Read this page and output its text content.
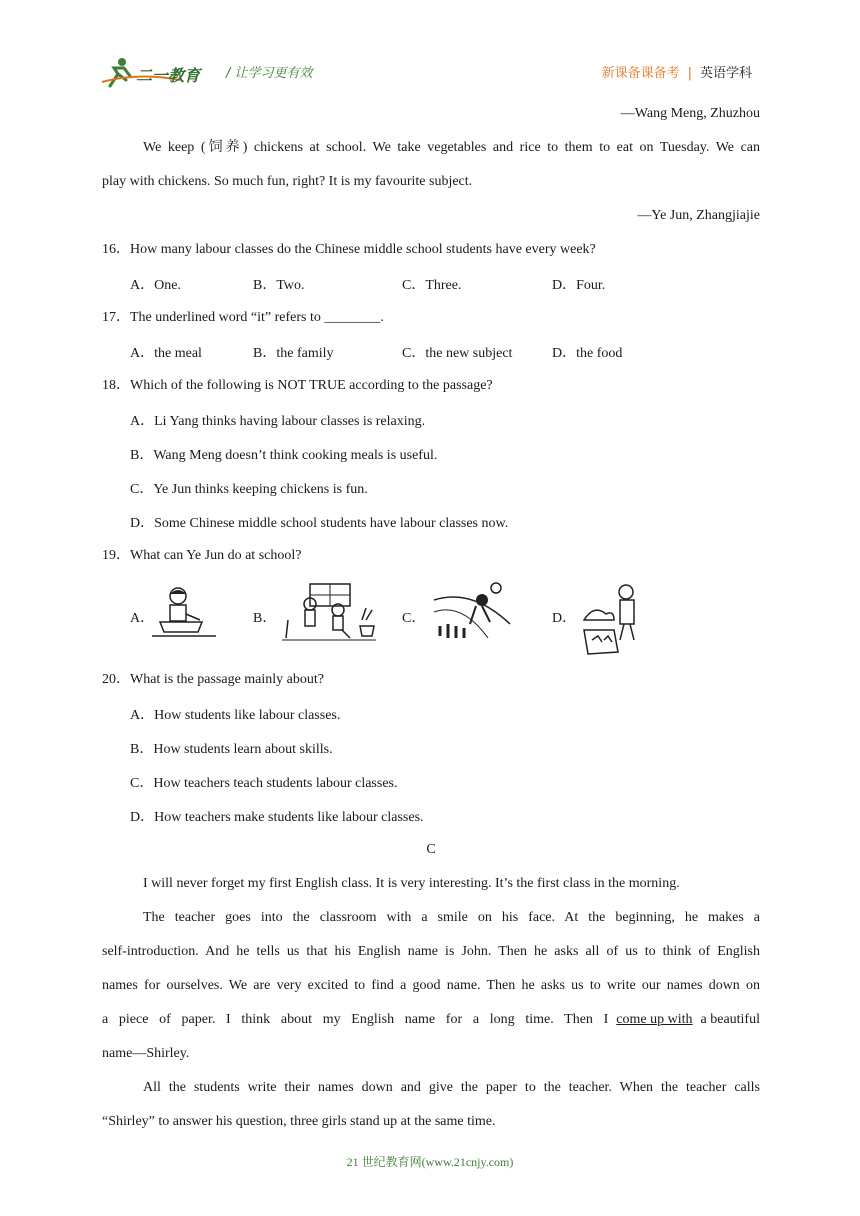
二一教育 / 让学习更有效	新课备课备考 | 英语学科
—Wang Meng, Zhuzhou
We keep (饲养) chickens at school. We take vegetables and rice to them to eat on Tuesday. We can
play with chickens. So much fun, right? It is my favourite subject.
—Ye Jun, Zhangjiajie
16．How many labour classes do the Chinese middle school students have every week?
A．One.	B．Two.	C．Three.	D．Four.
17．The underlined word “it” refers to ________.
A．the meal	B．the family	C．the new subject	D．the food
18．Which of the following is NOT TRUE according to the passage?
A．Li Yang thinks having labour classes is relaxing.
B．Wang Meng doesn’t think cooking meals is useful.
C．Ye Jun thinks keeping chickens is fun.
D．Some Chinese middle school students have labour classes now.
19．What can Ye Jun do at school?
A．	B．	C．	D．
20．What is the passage mainly about?
A．How students like labour classes.
B．How students learn about skills.
C．How teachers teach students labour classes.
D．How teachers make students like labour classes.
C
I will never forget my first English class. It is very interesting. It’s the first class in the morning.
The teacher goes into the classroom with a smile on his face. At the beginning, he makes a
self-introduction. And he tells us that his English name is John. Then he asks all of us to think of English
names for ourselves. We are very excited to find a good name. Then he asks us to write our names down on
a piece of paper. I think about my English name for a long time. Then I come up with a beautiful
name—Shirley.
All the students write their names down and give the paper to the teacher. When the teacher calls
“Shirley” to answer his question, three girls stand up at the same time.
21 世纪教育网(www.21cnjy.com)
